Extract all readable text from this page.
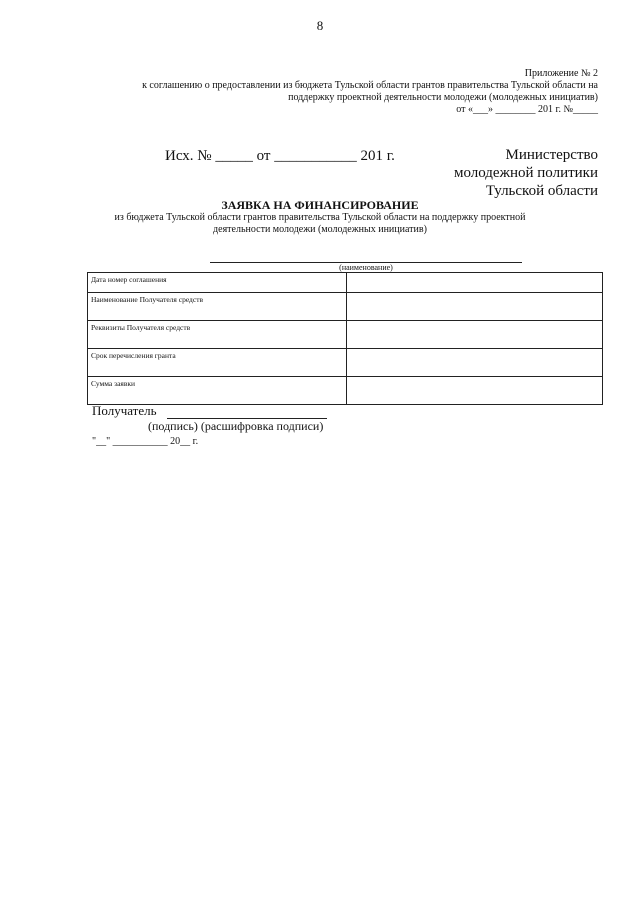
8
Приложение № 2
к соглашению о предоставлении из бюджета Тульской области грантов правительства Тульской области на
поддержку проектной деятельности молодежи (молодежных инициатив)
от «___» ________ 201 г. №_____
Исх. № _____ от ___________ 201 г.	Министерство
молодежной политики
Тульской области
ЗАЯВКА НА ФИНАНСИРОВАНИЕ
из бюджета Тульской области грантов правительства Тульской области на поддержку проектной
деятельности молодежи (молодежных инициатив)
(наименование)
Дата номер соглашения	
Наименование Получателя средств	
Реквизиты Получателя средств	
Срок перечисления гранта	
Сумма заявки	
Получатель
(подпись) (расшифровка подписи)
"__" ___________ 20__ г.
